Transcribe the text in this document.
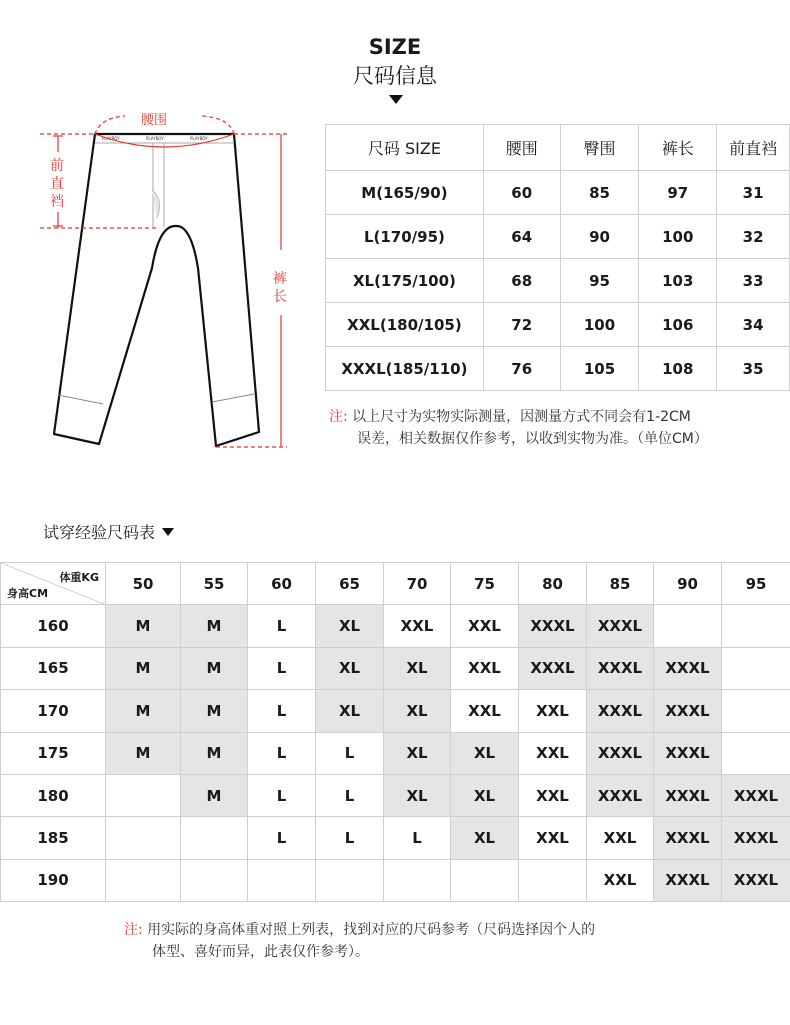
SIZE
尺码信息
PLAYBOY	PLAYBOY	PLAYBOY
腰围
前
直
裆
裤
长
尺码 SIZE	腰围	臀围	裤长	前直裆
M(165/90)	60	85	97	31
L(170/95)	64	90	100	32
XL(175/100)	68	95	103	33
XXL(180/105)	72	100	106	34
XXXL(185/110)	76	105	108	35
注: 以上尺寸为实物实际测量，因测量方式不同会有1-2CM
误差，相关数据仅作参考，以收到实物为准。（单位CM）
试穿经验尺码表
体重KG
身高CM	50	55	60	65	70	75	80	85	90	95
160	M	M	L	XL	XXL	XXL	XXXL	XXXL		
165	M	M	L	XL	XL	XXL	XXXL	XXXL	XXXL	
170	M	M	L	XL	XL	XXL	XXL	XXXL	XXXL	
175	M	M	L	L	XL	XL	XXL	XXXL	XXXL	
180		M	L	L	XL	XL	XXL	XXXL	XXXL	XXXL
185			L	L	L	XL	XXL	XXL	XXXL	XXXL
190								XXL	XXXL	XXXL
注: 用实际的身高体重对照上列表，找到对应的尺码参考（尺码选择因个人的
体型、喜好而异，此表仅作参考）。
